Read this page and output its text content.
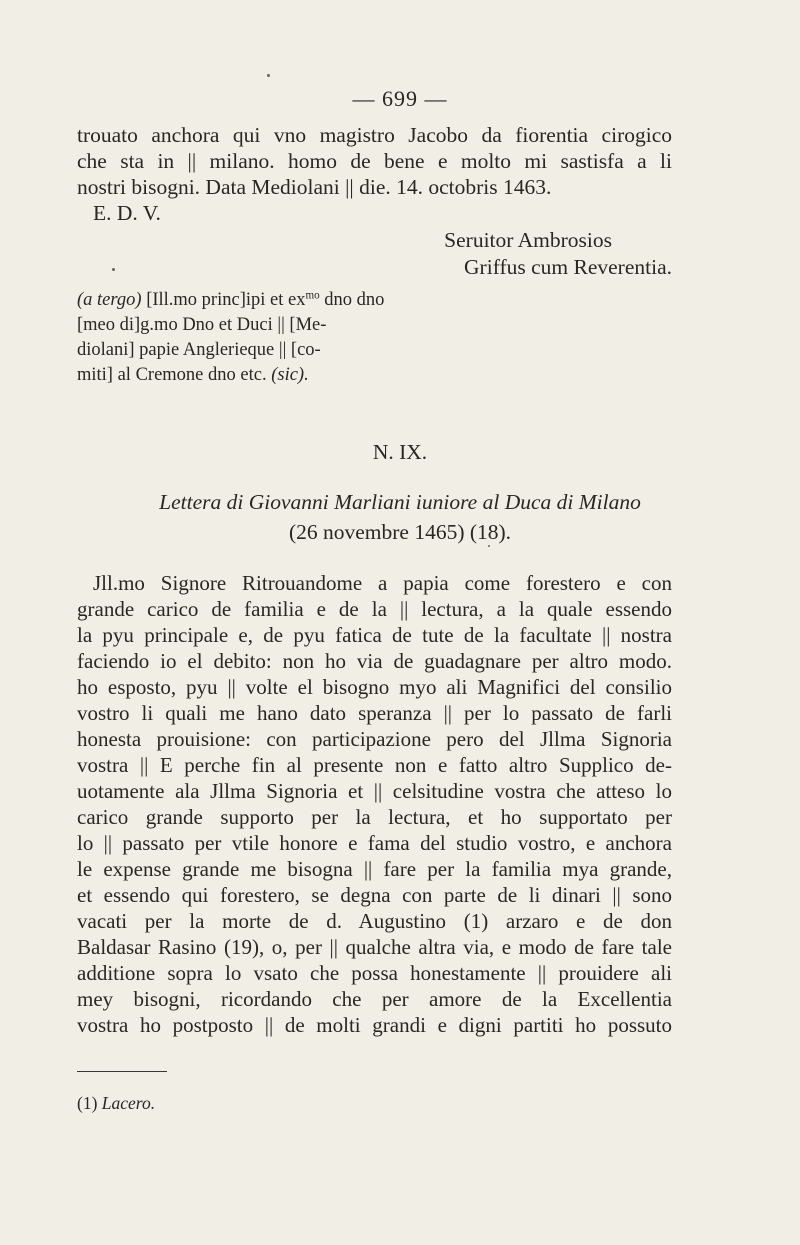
— 699 —
trouato anchora qui vno magistro Jacobo da fiorentia cirogico
che sta in || milano. homo de bene e molto mi sastisfa a li
nostri bisogni. Data Mediolani || die. 14. octobris 1463.
E. D. V.
Seruitor Ambrosios
Griffus cum Reverentia.
(a tergo) [Ill.mo princ]ipi et $ex^{mo}$ dno dno
[meo di]g.mo Dno et Duci || [Me-
diolani] papie Anglerieque || [co-
miti] al Cremone dno etc. (sic).
N. IX.
Lettera di Giovanni Marliani iuniore al Duca di Milano
(26 novembre 1465) (18).
Jll.mo Signore Ritrouandome a papia come forestero e con
grande carico de familia e de la || lectura, a la quale essendo
la pyu principale e, de pyu fatica de tute de la facultate || nostra
faciendo io el debito: non ho via de guadagnare per altro modo.
ho esposto, pyu || volte el bisogno myo ali Magnifici del consilio
vostro li quali me hano dato speranza || per lo passato de farli
honesta prouisione: con participazione pero del Jllma Signoria
vostra || E perche fin al presente non e fatto altro Supplico de-
uotamente ala Jllma Signoria et || celsitudine vostra che atteso lo
carico grande supporto per la lectura, et ho supportato per
lo || passato per vtile honore e fama del studio vostro, e anchora
le expense grande me bisogna || fare per la familia mya grande,
et essendo qui forestero, se degna con parte de li dinari || sono
vacati per la morte de d. Augustino (1) arzaro e de don
Baldasar Rasino (19), o, per || qualche altra via, e modo de fare tale
additione sopra lo vsato che possa honestamente || prouidere ali
mey bisogni, ricordando che per amore de la Excellentia
vostra ho postposto || de molti grandi e digni partiti ho possuto
(1) Lacero.
